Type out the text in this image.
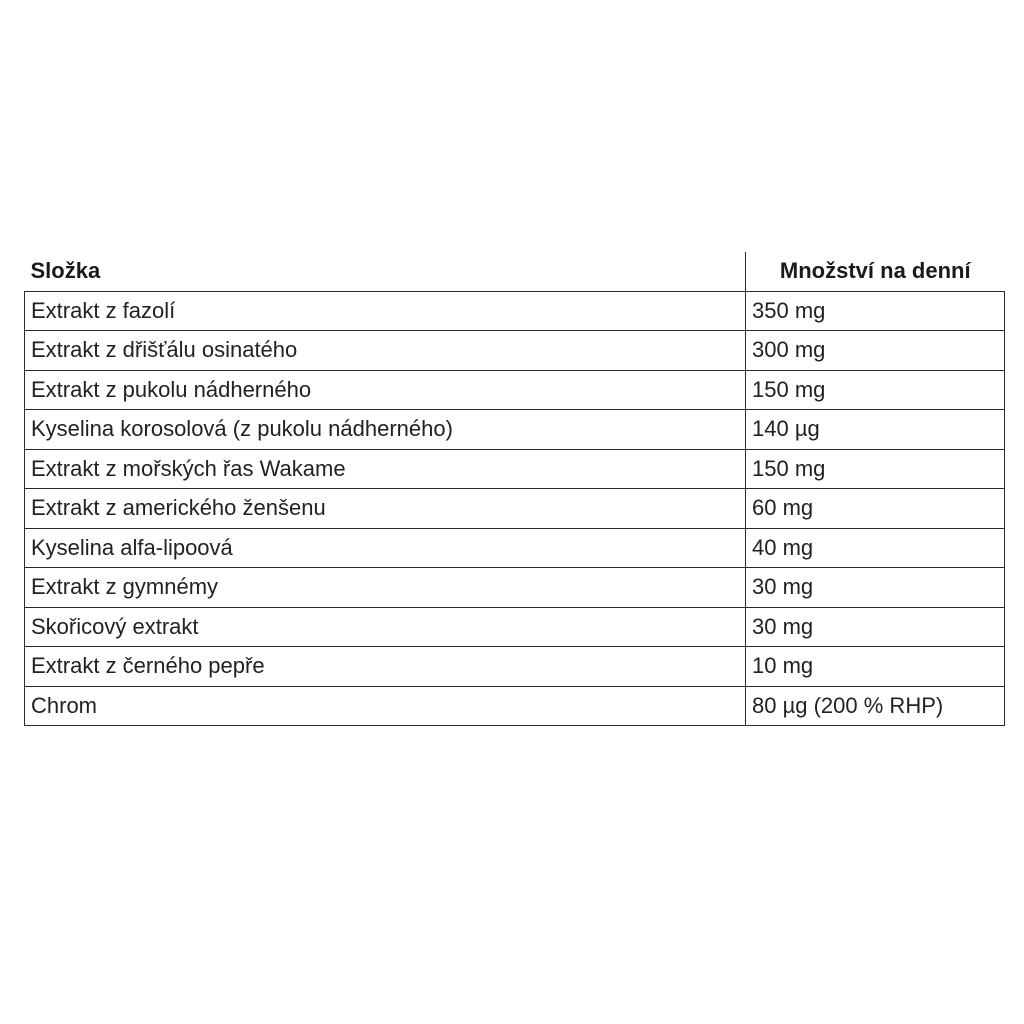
Složka	Množství na denní
Extrakt z fazolí	350 mg
Extrakt z dřišťálu osinatého	300 mg
Extrakt z pukolu nádherného	150 mg
Kyselina korosolová (z pukolu nádherného)	140 µg
Extrakt z mořských řas Wakame	150 mg
Extrakt z amerického ženšenu	60 mg
Kyselina alfa-lipoová	40 mg
Extrakt z gymnémy	30 mg
Skořicový extrakt	30 mg
Extrakt z černého pepře	10 mg
Chrom	80 µg (200 % RHP)
